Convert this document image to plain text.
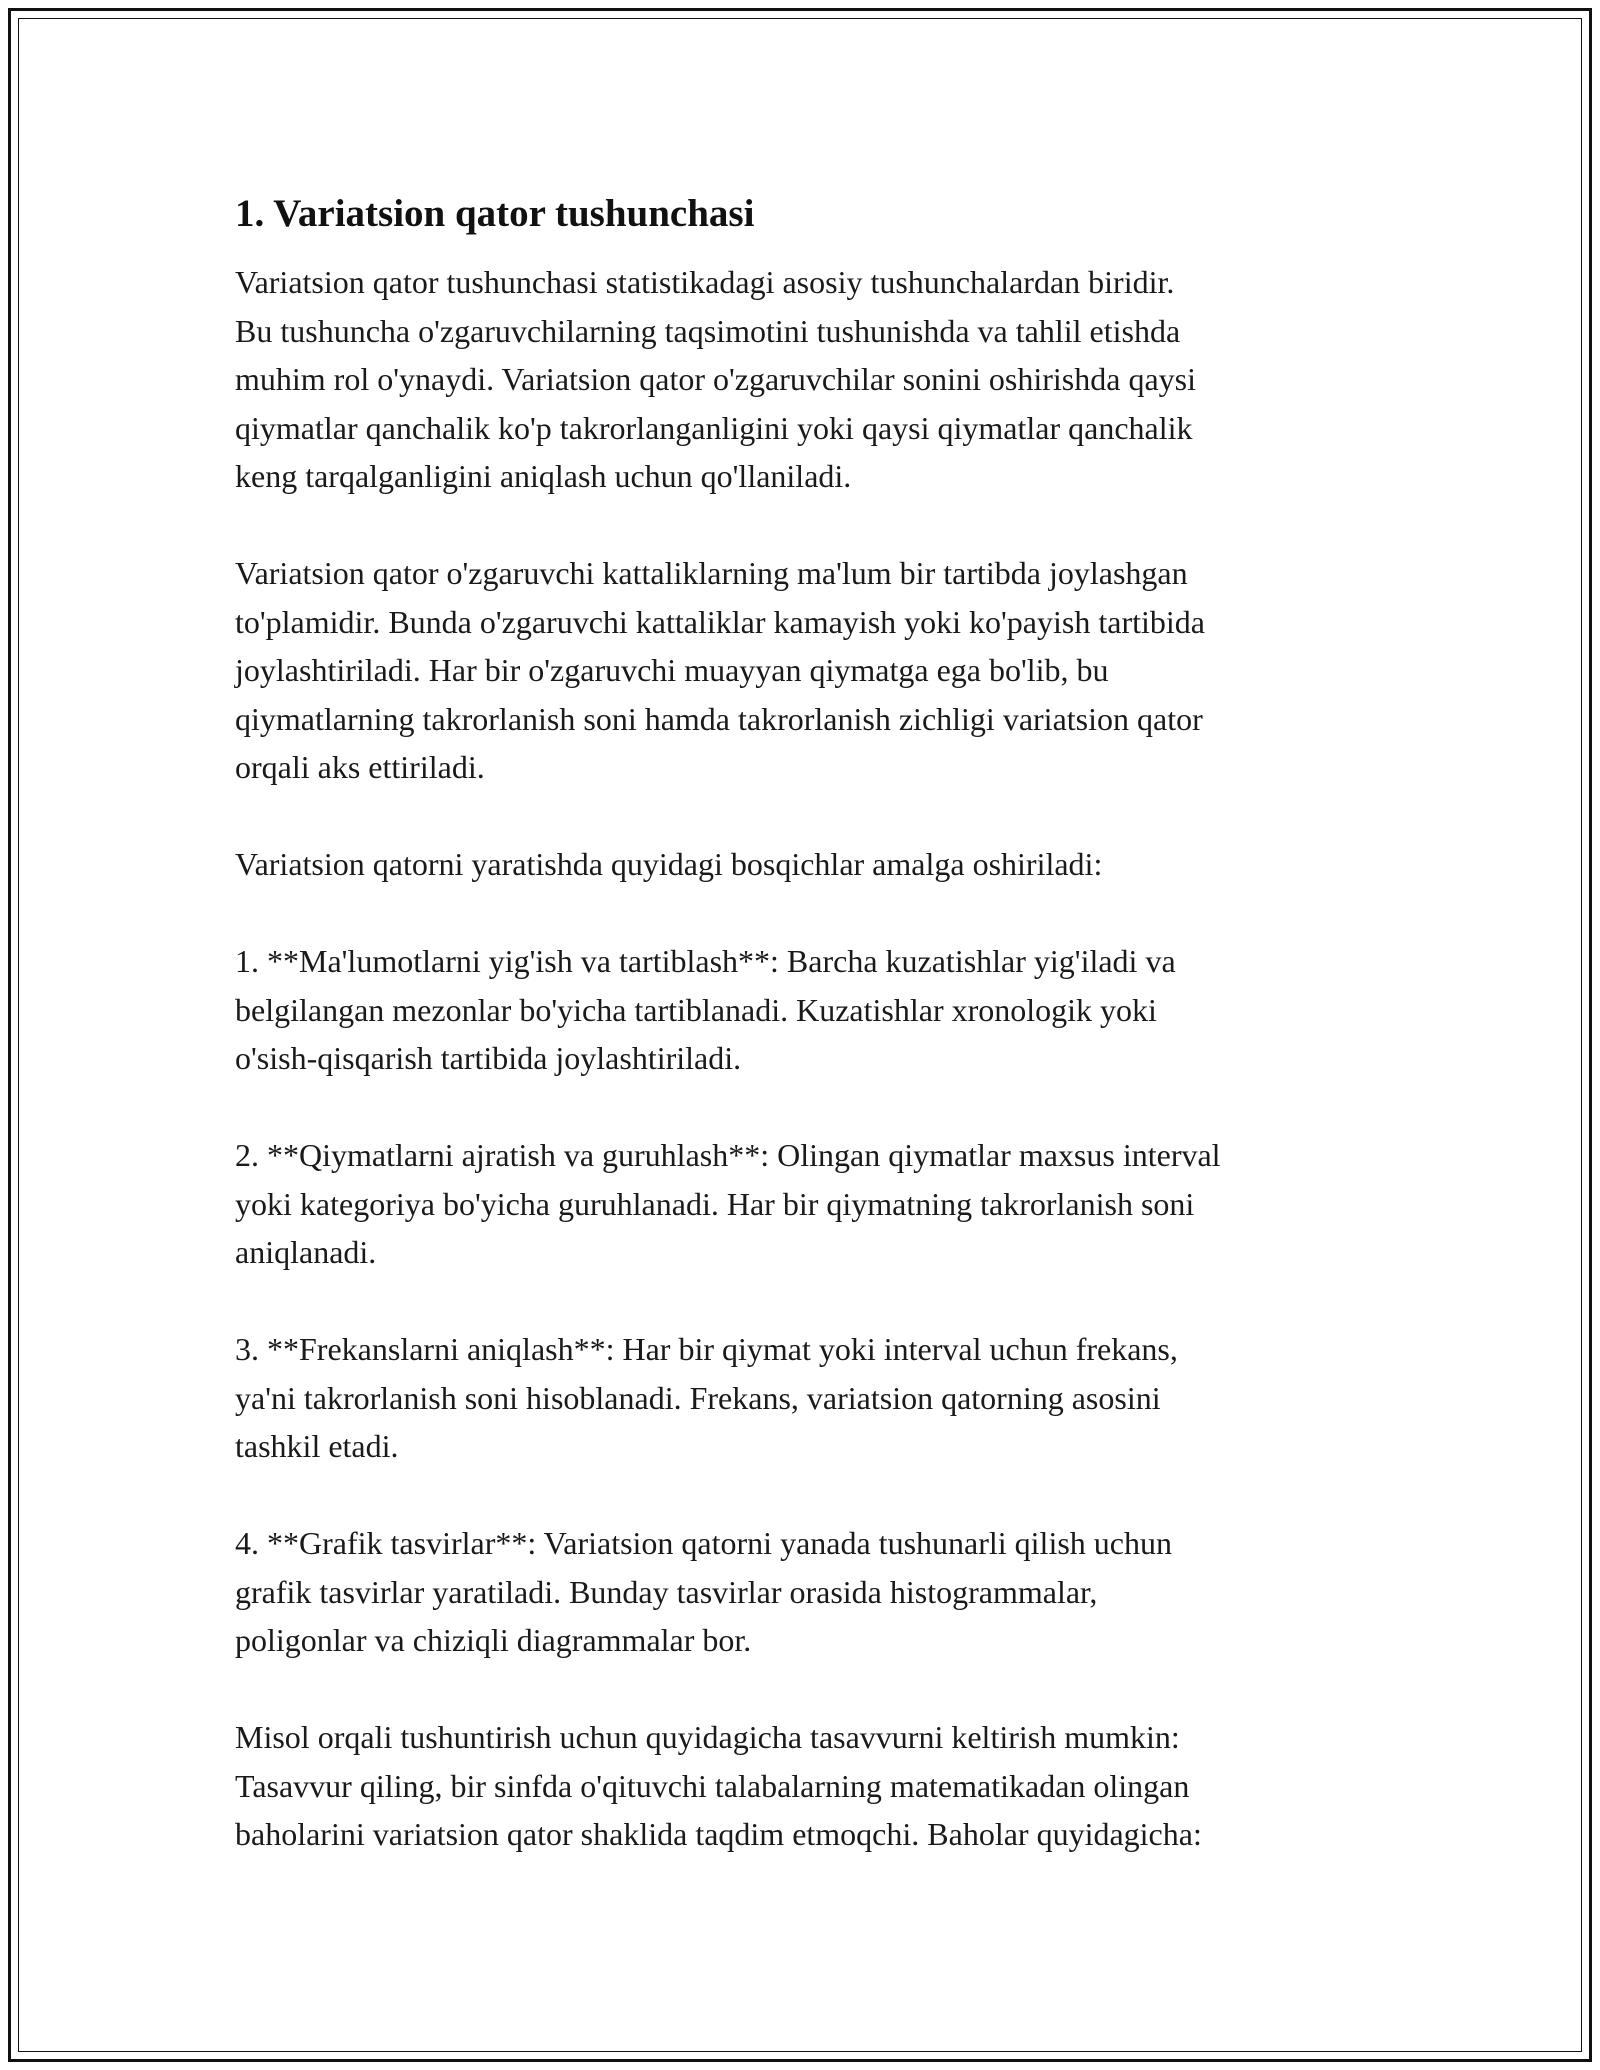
1. Variatsion qator tushunchasi

Variatsion qator tushunchasi statistikadagi asosiy tushunchalardan biridir.
Bu tushuncha o'zgaruvchilarning taqsimotini tushunishda va tahlil etishda
muhim rol o'ynaydi. Variatsion qator o'zgaruvchilar sonini oshirishda qaysi
qiymatlar qanchalik ko'p takrorlanganligini yoki qaysi qiymatlar qanchalik
keng tarqalganligini aniqlash uchun qo'llaniladi.

Variatsion qator o'zgaruvchi kattaliklarning ma'lum bir tartibda joylashgan
to'plamidir. Bunda o'zgaruvchi kattaliklar kamayish yoki ko'payish tartibida
joylashtiriladi. Har bir o'zgaruvchi muayyan qiymatga ega bo'lib, bu
qiymatlarning takrorlanish soni hamda takrorlanish zichligi variatsion qator
orqali aks ettiriladi.

Variatsion qatorni yaratishda quyidagi bosqichlar amalga oshiriladi:

1. **Ma'lumotlarni yig'ish va tartiblash**: Barcha kuzatishlar yig'iladi va
belgilangan mezonlar bo'yicha tartiblanadi. Kuzatishlar xronologik yoki
o'sish-qisqarish tartibida joylashtiriladi.

2. **Qiymatlarni ajratish va guruhlash**: Olingan qiymatlar maxsus interval
yoki kategoriya bo'yicha guruhlanadi. Har bir qiymatning takrorlanish soni
aniqlanadi.

3. **Frekanslarni aniqlash**: Har bir qiymat yoki interval uchun frekans,
ya'ni takrorlanish soni hisoblanadi. Frekans, variatsion qatorning asosini
tashkil etadi.

4. **Grafik tasvirlar**: Variatsion qatorni yanada tushunarli qilish uchun
grafik tasvirlar yaratiladi. Bunday tasvirlar orasida histogrammalar,
poligonlar va chiziqli diagrammalar bor.

Misol orqali tushuntirish uchun quyidagicha tasavvurni keltirish mumkin:
Tasavvur qiling, bir sinfda o'qituvchi talabalarning matematikadan olingan
baholarini variatsion qator shaklida taqdim etmoqchi. Baholar quyidagicha:
